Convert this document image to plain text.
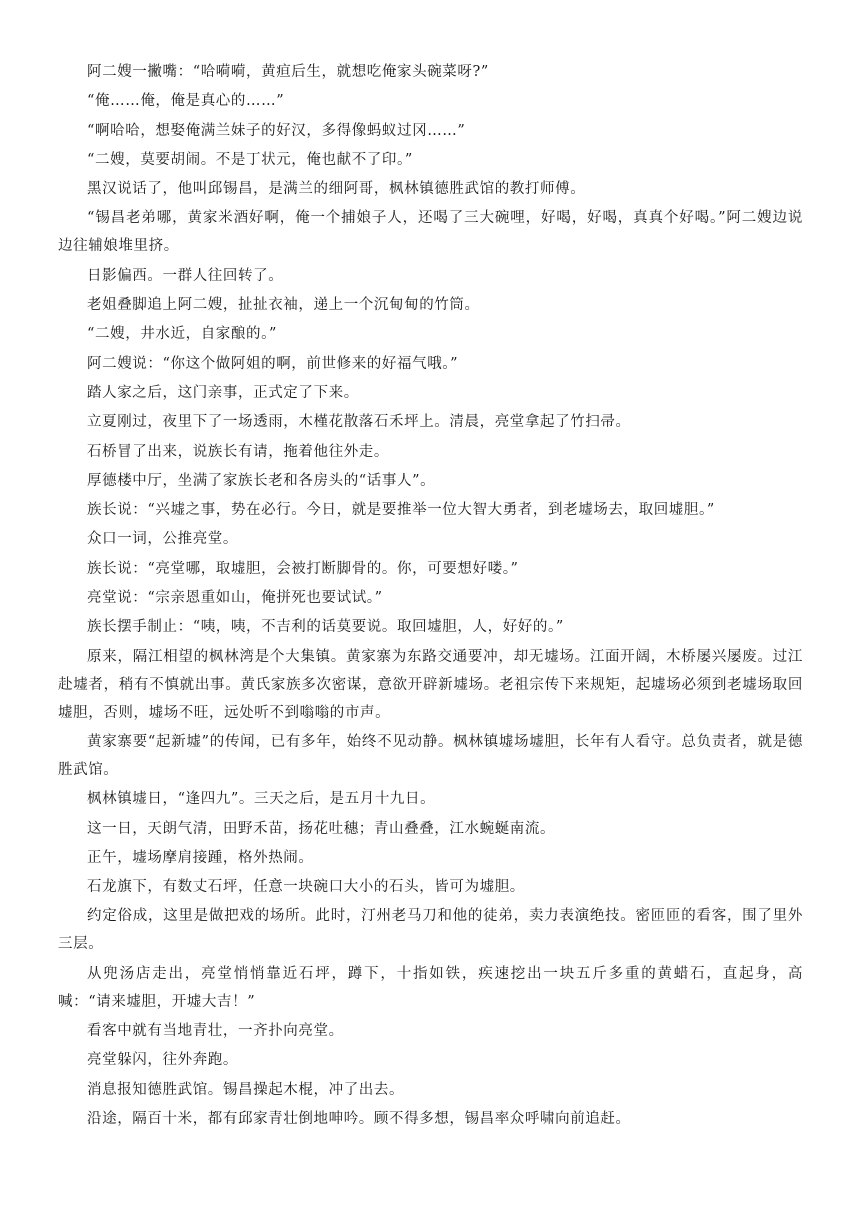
阿二嫂一撇嘴：“哈嗬嗬，黄疸后生，就想吃俺家头碗菜呀?”

“俺……俺，俺是真心的……”

“啊哈哈，想娶俺满兰妹子的好汉，多得像蚂蚁过冈……”

“二嫂，莫要胡闹。不是丁状元，俺也献不了印。”

黑汉说话了，他叫邱锡昌，是满兰的细阿哥，枫林镇德胜武馆的教打师傅。

“锡昌老弟哪，黄家米酒好啊，俺一个捕娘子人，还喝了三大碗哩，好喝，好喝，真真个好喝。”阿二嫂边说边往辅娘堆里挤。

日影偏西。一群人往回转了。

老姐叠脚追上阿二嫂，扯扯衣袖，递上一个沉甸甸的竹筒。

“二嫂，井水近，自家酿的。”

阿二嫂说：“你这个做阿姐的啊，前世修来的好福气哦。”

踏人家之后，这门亲事，正式定了下来。

立夏刚过，夜里下了一场透雨，木槿花散落石禾坪上。清晨，亮堂拿起了竹扫帚。

石桥冒了出来，说族长有请，拖着他往外走。

厚德楼中厅，坐满了家族长老和各房头的“话事人”。

族长说：“兴墟之事，势在必行。今日，就是要推举一位大智大勇者，到老墟场去，取回墟胆。”

众口一词，公推亮堂。

族长说：“亮堂哪，取墟胆，会被打断脚骨的。你，可要想好喽。”

亮堂说：“宗亲恩重如山，俺拼死也要试试。”

族长摆手制止：“咦，咦，不吉利的话莫要说。取回墟胆，人，好好的。”

原来，隔江相望的枫林湾是个大集镇。黄家寨为东路交通要冲，却无墟场。江面开阔，木桥屡兴屡废。过江赴墟者，稍有不慎就出事。黄氏家族多次密谋，意欲开辟新墟场。老祖宗传下来规矩，起墟场必须到老墟场取回墟胆，否则，墟场不旺，远处听不到嗡嗡的市声。

黄家寨要“起新墟”的传闻，已有多年，始终不见动静。枫林镇墟场墟胆，长年有人看守。总负责者，就是德胜武馆。

枫林镇墟日，“逢四九”。三天之后，是五月十九日。

这一日，天朗气清，田野禾苗，扬花吐穗；青山叠叠，江水蜿蜒南流。

正午，墟场摩肩接踵，格外热闹。

石龙旗下，有数丈石坪，任意一块碗口大小的石头，皆可为墟胆。

约定俗成，这里是做把戏的场所。此时，汀州老马刀和他的徒弟，卖力表演绝技。密匝匝的看客，围了里外三层。

从兜汤店走出，亮堂悄悄靠近石坪，蹲下，十指如铁，疾速挖出一块五斤多重的黄蜡石，直起身，高喊：“请来墟胆，开墟大吉！”

看客中就有当地青壮，一齐扑向亮堂。

亮堂躲闪，往外奔跑。

消息报知德胜武馆。锡昌操起木棍，冲了出去。

沿途，隔百十米，都有邱家青壮倒地呻吟。顾不得多想，锡昌率众呼啸向前追赶。
